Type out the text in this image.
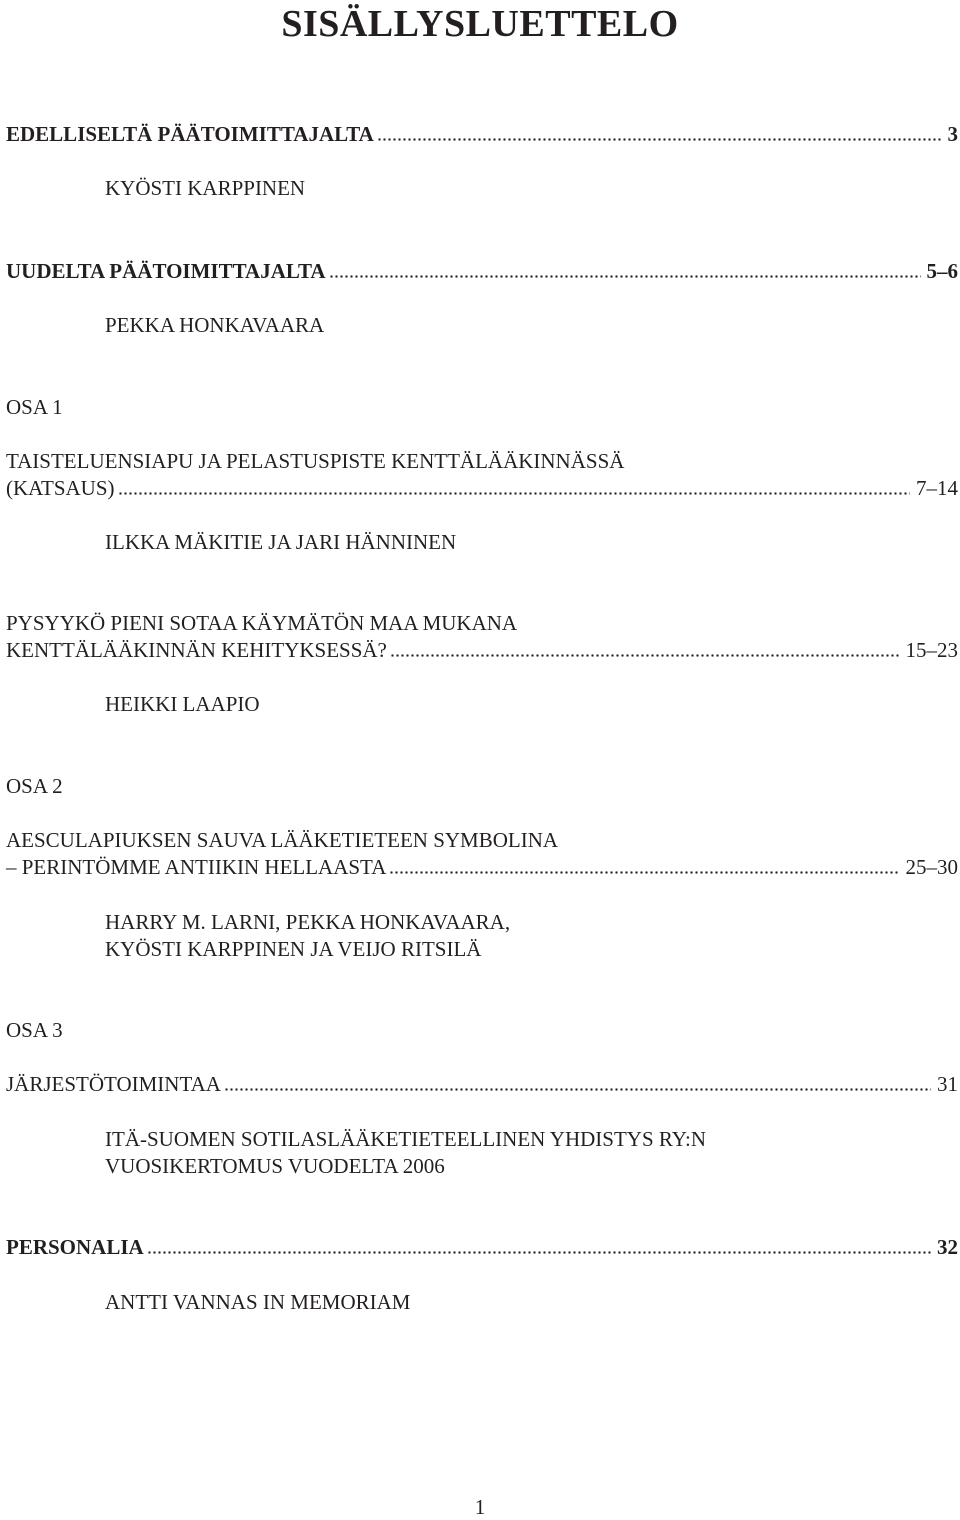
SISÄLLYSLUETTELO
EDELLISELTÄ PÄÄTOIMITTAJALTA	3
KYÖSTI KARPPINEN
UUDELTA PÄÄTOIMITTAJALTA	5–6
PEKKA HONKAVAARA
OSA 1
TAISTELUENSIAPU JA PELASTUSPISTE KENTTÄLÄÄKINNÄSSÄ
(KATSAUS)	7–14
ILKKA MÄKITIE JA JARI HÄNNINEN
PYSYYKÖ PIENI SOTAA KÄYMÄTÖN MAA MUKANA
KENTTÄLÄÄKINNÄN KEHITYKSESSÄ?	15–23
HEIKKI LAAPIO
OSA 2
AESCULAPIUKSEN SAUVA LÄÄKETIETEEN SYMBOLINA
– PERINTÖMME ANTIIKIN HELLAASTA	25–30
HARRY M. LARNI, PEKKA HONKAVAARA,
KYÖSTI KARPPINEN JA VEIJO RITSILÄ
OSA 3
JÄRJESTÖTOIMINTAA	31
ITÄ-SUOMEN SOTILASLÄÄKETIETEELLINEN YHDISTYS RY:N
VUOSIKERTOMUS VUODELTA 2006
PERSONALIA	32
ANTTI VANNAS IN MEMORIAM
1
